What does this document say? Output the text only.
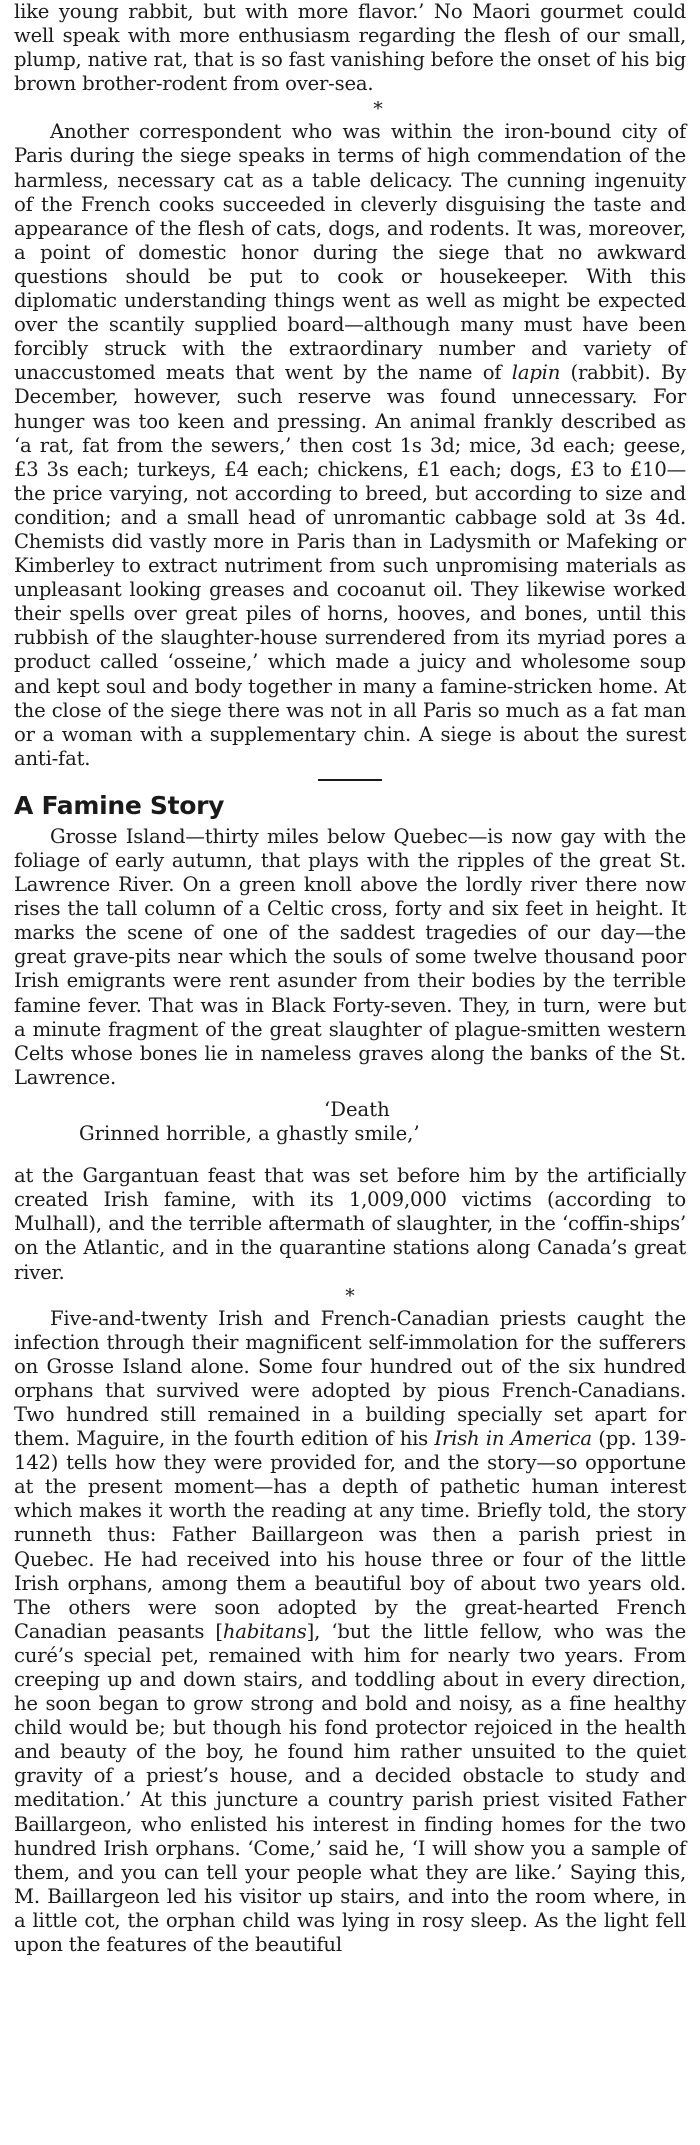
like young rabbit, but with more flavor.’ No Maori gourmet could well speak with more enthusiasm regarding the flesh of our small, plump, native rat, that is so fast vanishing before the onset of his big brown brother-rodent from over-sea.

*

Another correspondent who was within the iron-bound city of Paris during the siege speaks in terms of high commendation of the harmless, necessary cat as a table delicacy. The cunning ingenuity of the French cooks succeeded in cleverly disguising the taste and appearance of the flesh of cats, dogs, and rodents. It was, moreover, a point of domestic honor during the siege that no awkward questions should be put to cook or housekeeper. With this diplomatic understanding things went as well as might be expected over the scantily supplied board—although many must have been forcibly struck with the extraordinary number and variety of unaccustomed meats that went by the name of lapin (rabbit). By December, however, such reserve was found unnecessary. For hunger was too keen and pressing. An animal frankly described as ‘a rat, fat from the sewers,’ then cost 1s 3d; mice, 3d each; geese, £3 3s each; turkeys, £4 each; chickens, £1 each; dogs, £3 to £10—the price varying, not according to breed, but according to size and condition; and a small head of unromantic cabbage sold at 3s 4d. Chemists did vastly more in Paris than in Ladysmith or Mafeking or Kimberley to extract nutriment from such unpromising materials as unpleasant looking greases and cocoanut oil. They likewise worked their spells over great piles of horns, hooves, and bones, until this rubbish of the slaughter-house surrendered from its myriad pores a product called ‘osseine,’ which made a juicy and wholesome soup and kept soul and body together in many a famine-stricken home. At the close of the siege there was not in all Paris so much as a fat man or a woman with a supplementary chin. A siege is about the surest anti-fat.

A Famine Story

Grosse Island—thirty miles below Quebec—is now gay with the foliage of early autumn, that plays with the ripples of the great St. Lawrence River. On a green knoll above the lordly river there now rises the tall column of a Celtic cross, forty and six feet in height. It marks the scene of one of the saddest tragedies of our day—the great grave-pits near which the souls of some twelve thousand poor Irish emigrants were rent asunder from their bodies by the terrible famine fever. That was in Black Forty-seven. They, in turn, were but a minute fragment of the great slaughter of plague-smitten western Celts whose bones lie in nameless graves along the banks of the St. Lawrence.

‘Death
Grinned horrible, a ghastly smile,’

at the Gargantuan feast that was set before him by the artificially created Irish famine, with its 1,009,000 victims (according to Mulhall), and the terrible aftermath of slaughter, in the ‘coffin-ships’ on the Atlantic, and in the quarantine stations along Canada’s great river.

*

Five-and-twenty Irish and French-Canadian priests caught the infection through their magnificent self-immolation for the sufferers on Grosse Island alone. Some four hundred out of the six hundred orphans that survived were adopted by pious French-Canadians. Two hundred still remained in a building specially set apart for them. Maguire, in the fourth edition of his Irish in America (pp. 139-142) tells how they were provided for, and the story—so opportune at the present moment—has a depth of pathetic human interest which makes it worth the reading at any time. Briefly told, the story runneth thus: Father Baillargeon was then a parish priest in Quebec. He had received into his house three or four of the little Irish orphans, among them a beautiful boy of about two years old. The others were soon adopted by the great-hearted French Canadian peasants [habitans], ‘but the little fellow, who was the curé’s special pet, remained with him for nearly two years. From creeping up and down stairs, and toddling about in every direction, he soon began to grow strong and bold and noisy, as a fine healthy child would be; but though his fond protector rejoiced in the health and beauty of the boy, he found him rather unsuited to the quiet gravity of a priest’s house, and a decided obstacle to study and meditation.’ At this juncture a country parish priest visited Father Baillargeon, who enlisted his interest in finding homes for the two hundred Irish orphans. ‘Come,’ said he, ‘I will show you a sample of them, and you can tell your people what they are like.’ Saying this, M. Baillargeon led his visitor up stairs, and into the room where, in a little cot, the orphan child was lying in rosy sleep. As the light fell upon the features of the beautiful
